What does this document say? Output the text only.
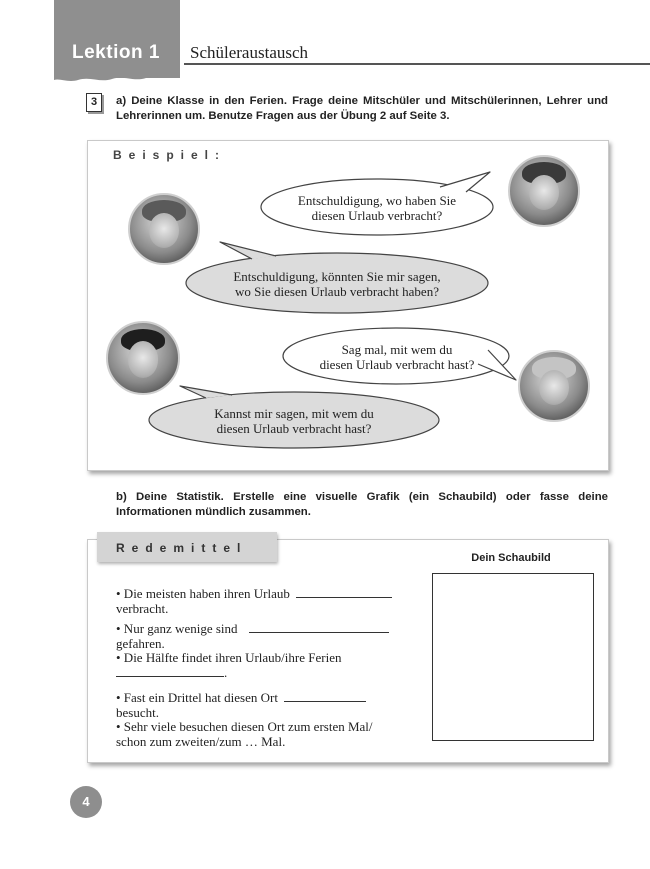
Lektion 1 Schüleraustausch
3	a) Deine Klasse in den Ferien. Frage deine Mitschüler und Mitschülerinnen, Lehrer und Lehrerinnen um. Benutze Fragen aus der Übung 2 auf Seite 3.
Beispiel:
Entschuldigung, wo haben Sie
diesen Urlaub verbracht?
Entschuldigung, könnten Sie mir sagen,
wo Sie diesen Urlaub verbracht haben?
Sag mal, mit wem du
diesen Urlaub verbracht hast?
Kannst mir sagen, mit wem du
diesen Urlaub verbracht hast?
b) Deine Statistik. Erstelle eine visuelle Grafik (ein Schaubild) oder fasse deine Informationen mündlich zusammen.
Redemittel
• Die meisten haben ihren Urlaub
verbracht.
• Nur ganz wenige sind
gefahren.
• Die Hälfte findet ihren Urlaub/ihre Ferien
.
• Fast ein Drittel hat diesen Ort
besucht.
• Sehr viele besuchen diesen Ort zum ersten Mal/
schon zum zweiten/zum … Mal.
Dein Schaubild
4
